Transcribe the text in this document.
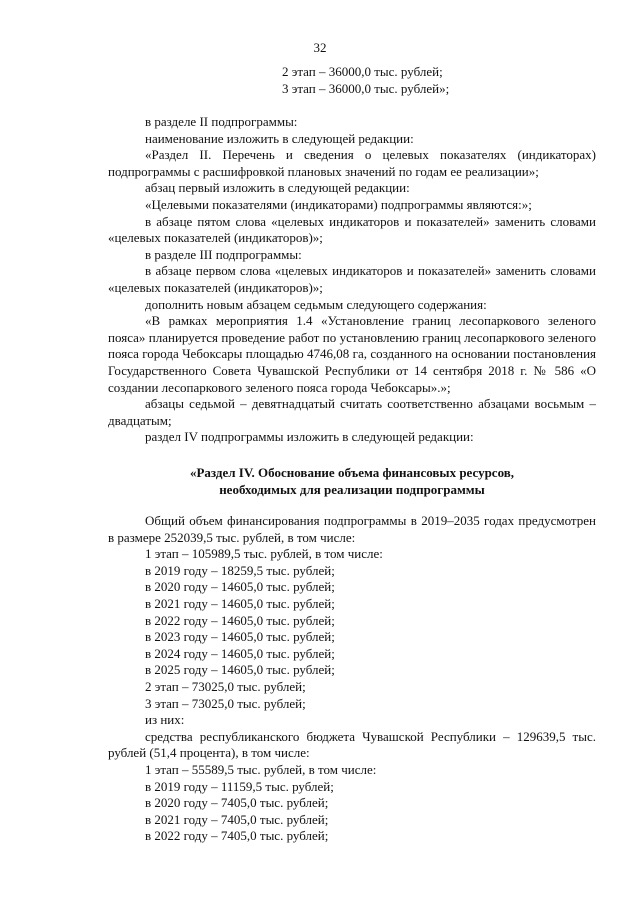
32
2 этап – 36000,0 тыс. рублей;
3 этап – 36000,0 тыс. рублей»;

в разделе II подпрограммы:

наименование изложить в следующей редакции:

«Раздел II. Перечень и сведения о целевых показателях (индикаторах) подпрограммы с расшифровкой плановых значений по годам ее реализации»;

абзац первый изложить в следующей редакции:

«Целевыми показателями (индикаторами) подпрограммы являются:»;

в абзаце пятом слова «целевых индикаторов и показателей» заменить словами «целевых показателей (индикаторов)»;

в разделе III подпрограммы:

в абзаце первом слова «целевых индикаторов и показателей» заменить словами «целевых показателей (индикаторов)»;

дополнить новым абзацем седьмым следующего содержания:

«В рамках мероприятия 1.4 «Установление границ лесопаркового зеленого пояса» планируется проведение работ по установлению границ лесопаркового зеленого пояса города Чебоксары площадью 4746,08 га, созданного на основании постановления Государственного Совета Чувашской Республики от 14 сентября 2018 г. № 586 «О создании лесопаркового зеленого пояса города Чебоксары».»;

абзацы седьмой – девятнадцатый считать соответственно абзацами восьмым – двадцатым;

раздел IV подпрограммы изложить в следующей редакции:

«Раздел IV. Обоснование объема финансовых ресурсов,
необходимых для реализации подпрограммы

Общий объем финансирования подпрограммы в 2019–2035 годах предусмотрен в размере 252039,5 тыс. рублей, в том числе:

1 этап – 105989,5 тыс. рублей, в том числе:
в 2019 году – 18259,5 тыс. рублей;
в 2020 году – 14605,0 тыс. рублей;
в 2021 году – 14605,0 тыс. рублей;
в 2022 году – 14605,0 тыс. рублей;
в 2023 году – 14605,0 тыс. рублей;
в 2024 году – 14605,0 тыс. рублей;
в 2025 году – 14605,0 тыс. рублей;
2 этап – 73025,0 тыс. рублей;
3 этап – 73025,0 тыс. рублей;
из них:

средства республиканского бюджета Чувашской Республики – 129639,5 тыс. рублей (51,4 процента), в том числе:

1 этап – 55589,5 тыс. рублей, в том числе:
в 2019 году – 11159,5 тыс. рублей;
в 2020 году – 7405,0 тыс. рублей;
в 2021 году – 7405,0 тыс. рублей;
в 2022 году – 7405,0 тыс. рублей;
